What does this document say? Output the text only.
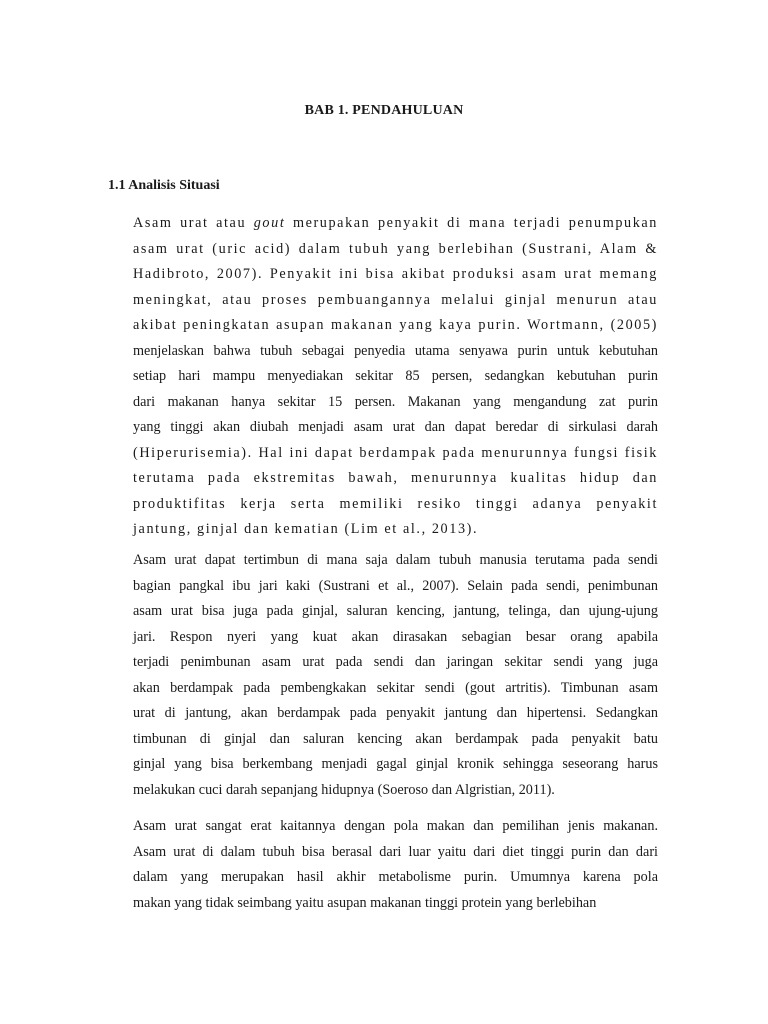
BAB 1. PENDAHULUAN
1.1 Analisis Situasi
Asam urat atau gout merupakan penyakit di mana terjadi penumpukan
asam urat (uric acid) dalam tubuh yang berlebihan (Sustrani, Alam &
Hadibroto, 2007). Penyakit ini bisa akibat produksi asam urat memang
meningkat, atau proses pembuangannya melalui ginjal menurun atau
akibat peningkatan asupan makanan yang kaya purin. Wortmann, (2005)
menjelaskan bahwa tubuh sebagai penyedia utama senyawa purin untuk kebutuhan
setiap hari mampu menyediakan sekitar 85 persen, sedangkan kebutuhan purin
dari makanan hanya sekitar 15 persen. Makanan yang mengandung zat purin
yang tinggi akan diubah menjadi asam urat dan dapat beredar di sirkulasi darah
(Hiperurisemia). Hal ini dapat berdampak pada menurunnya fungsi fisik
terutama pada ekstremitas bawah, menurunnya kualitas hidup dan
produktifitas kerja serta memiliki resiko tinggi adanya penyakit
jantung, ginjal dan kematian (Lim et al., 2013).
Asam urat dapat tertimbun di mana saja dalam tubuh manusia terutama pada sendi
bagian pangkal ibu jari kaki (Sustrani et al., 2007). Selain pada sendi, penimbunan
asam urat bisa juga pada ginjal, saluran kencing, jantung, telinga, dan ujung-ujung
jari. Respon nyeri yang kuat akan dirasakan sebagian besar orang apabila
terjadi penimbunan asam urat pada sendi dan jaringan sekitar sendi yang juga
akan berdampak pada pembengkakan sekitar sendi (gout artritis). Timbunan asam
urat di jantung, akan berdampak pada penyakit jantung dan hipertensi. Sedangkan
timbunan di ginjal dan saluran kencing akan berdampak pada penyakit batu
ginjal yang bisa berkembang menjadi gagal ginjal kronik sehingga seseorang harus
melakukan cuci darah sepanjang hidupnya (Soeroso dan Algristian, 2011).
Asam urat sangat erat kaitannya dengan pola makan dan pemilihan jenis makanan.
Asam urat di dalam tubuh bisa berasal dari luar yaitu dari diet tinggi purin dan dari
dalam yang merupakan hasil akhir metabolisme purin. Umumnya karena pola
makan yang tidak seimbang yaitu asupan makanan tinggi protein yang berlebihan
